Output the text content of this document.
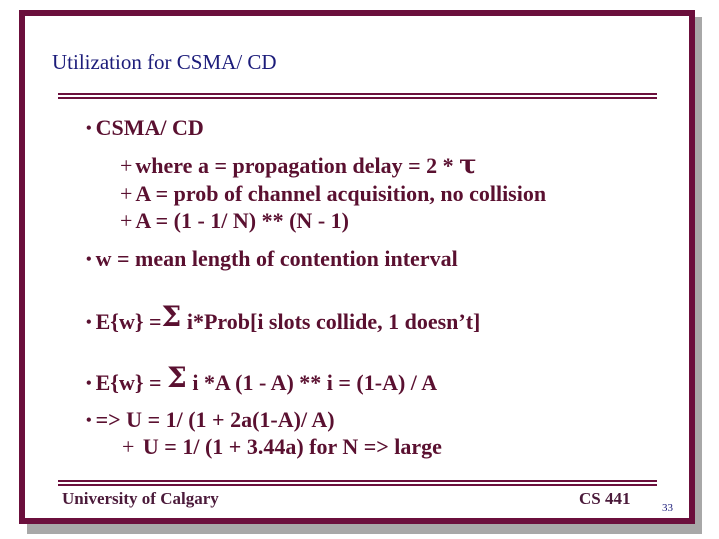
Utilization for CSMA/ CD
• CSMA/ CD
+ where a = propagation delay = 2 * τ
+ A = prob of channel acquisition, no collision
+ A = (1 - 1/ N) ** (N - 1)
• w = mean length of contention interval
• E{w} =Σ i*Prob[i slots collide, 1 doesn’t]
• E{w} = Σ i *A (1 - A) ** i = (1-A) / A
• => U = 1/ (1 + 2a(1-A)/ A)
+ U = 1/ (1 + 3.44a) for N => large
University of Calgary	CS 441	33
